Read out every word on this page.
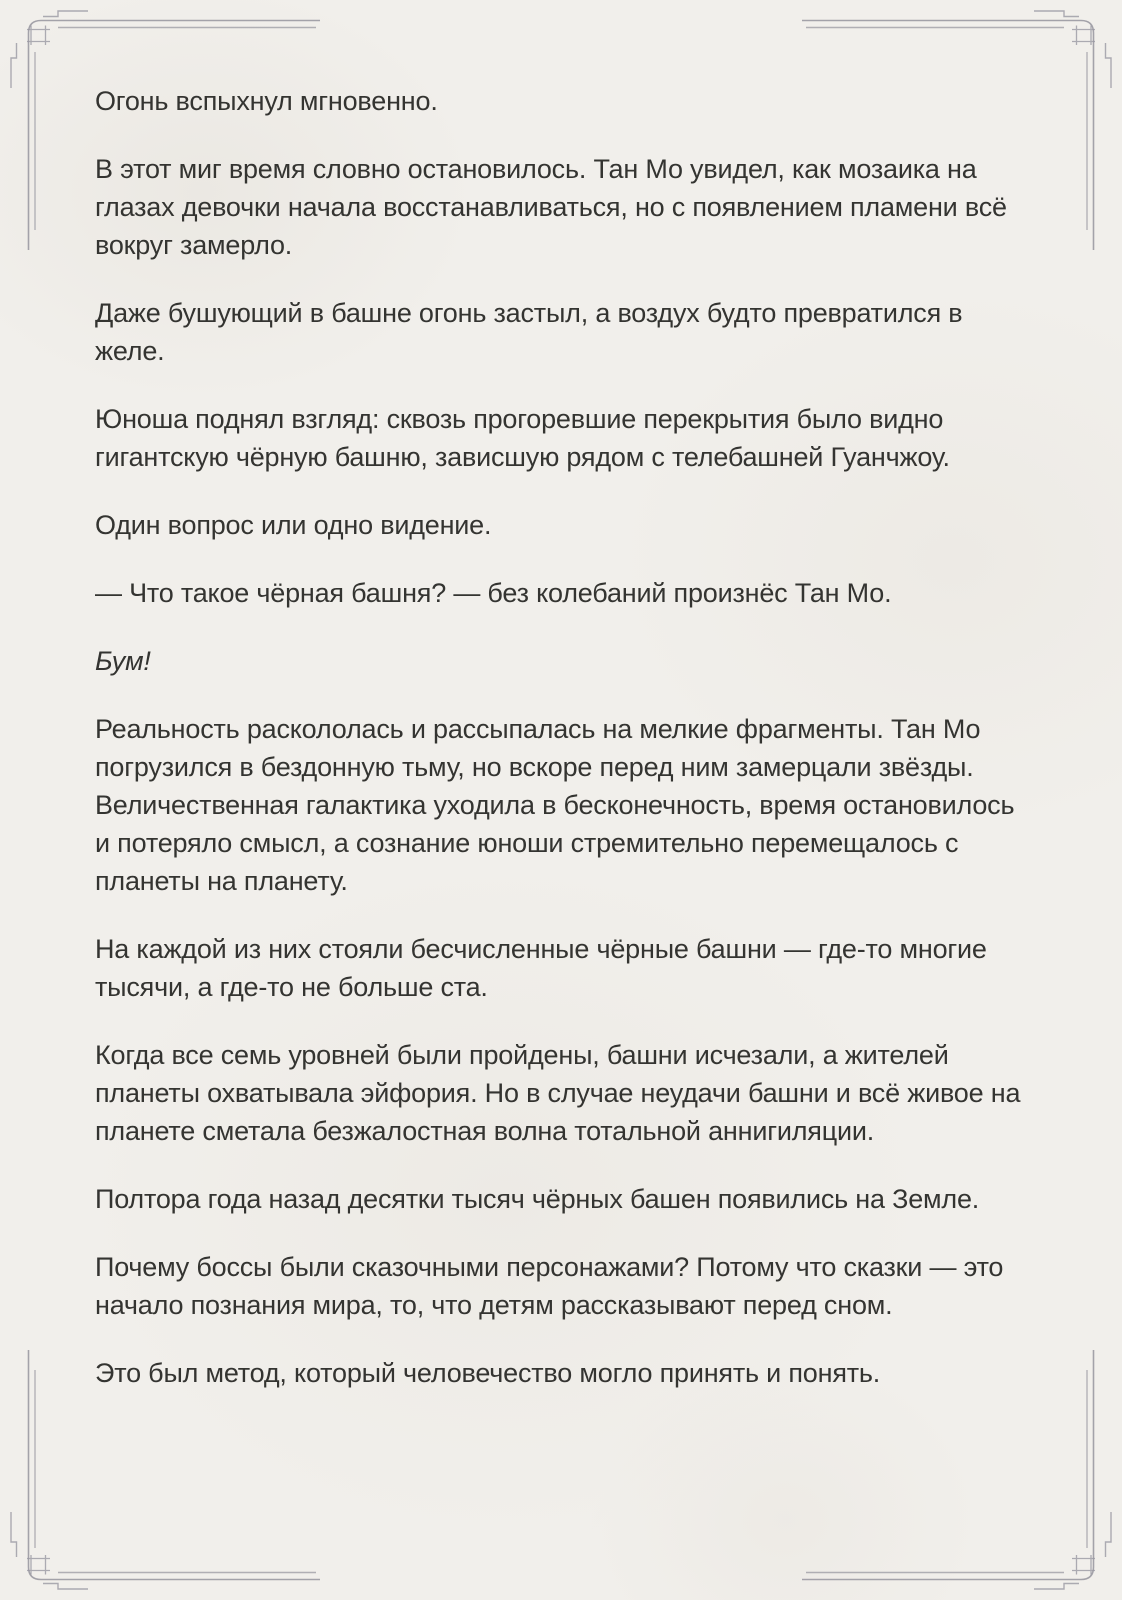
Огонь вспыхнул мгновенно.

В этот миг время словно остановилось. Тан Мо увидел, как мозаика на глазах девочки начала восстанавливаться, но с появлением пламени всё вокруг замерло.

Даже бушующий в башне огонь застыл, а воздух будто превратился в желе.

Юноша поднял взгляд: сквозь прогоревшие перекрытия было видно гигантскую чёрную башню, зависшую рядом с телебашней Гуанчжоу.

Один вопрос или одно видение.

— Что такое чёрная башня? — без колебаний произнёс Тан Мо.

Бум!

Реальность раскололась и рассыпалась на мелкие фрагменты. Тан Мо погрузился в бездонную тьму, но вскоре перед ним замерцали звёзды. Величественная галактика уходила в бесконечность, время остановилось и потеряло смысл, а сознание юноши стремительно перемещалось с планеты на планету.

На каждой из них стояли бесчисленные чёрные башни — где-то многие тысячи, а где-то не больше ста.

Когда все семь уровней были пройдены, башни исчезали, а жителей планеты охватывала эйфория. Но в случае неудачи башни и всё живое на планете сметала безжалостная волна тотальной аннигиляции.

Полтора года назад десятки тысяч чёрных башен появились на Земле.

Почему боссы были сказочными персонажами? Потому что сказки — это начало познания мира, то, что детям рассказывают перед сном.

Это был метод, который человечество могло принять и понять.
